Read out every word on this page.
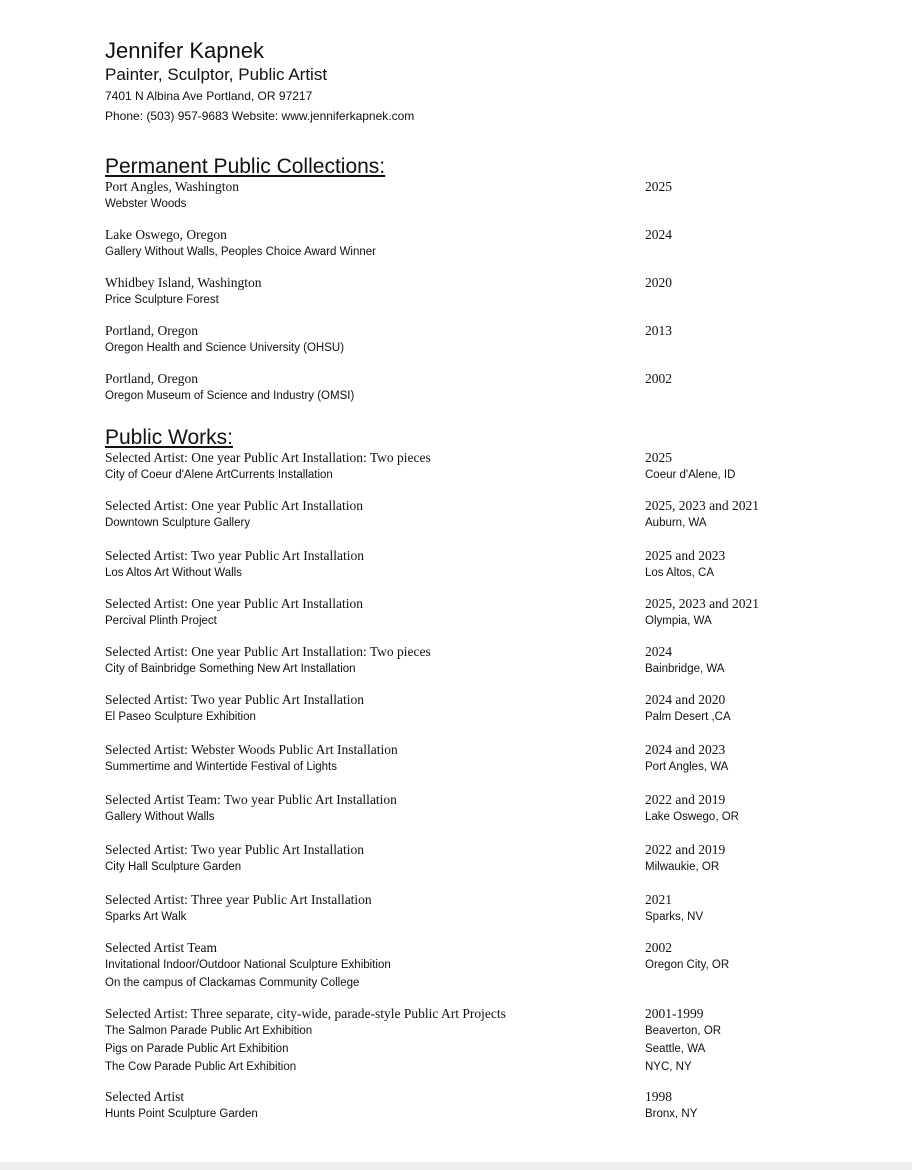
Jennifer Kapnek
Painter, Sculptor, Public Artist
7401 N Albina Ave Portland, OR 97217
Phone: (503) 957-9683 Website: www.jenniferkapnek.com
Permanent Public Collections:
Port Angles, Washington
Webster Woods
2025
Lake Oswego, Oregon
Gallery Without Walls, Peoples Choice Award Winner
2024
Whidbey Island, Washington
Price Sculpture Forest
2020
Portland, Oregon
Oregon Health and Science University (OHSU)
2013
Portland, Oregon
Oregon Museum of Science and Industry (OMSI)
2002
Public Works:
Selected Artist: One year Public Art Installation: Two pieces
City of Coeur d'Alene ArtCurrents Installation
2025
Coeur d'Alene, ID
Selected Artist: One year Public Art Installation
Downtown Sculpture Gallery
2025, 2023 and 2021
Auburn, WA
Selected Artist: Two year Public Art Installation
Los Altos Art Without Walls
2025 and 2023
Los Altos, CA
Selected Artist: One year Public Art Installation
Percival Plinth Project
2025, 2023 and 2021
Olympia, WA
Selected Artist: One year Public Art Installation: Two pieces
City of Bainbridge Something New Art Installation
2024
Bainbridge, WA
Selected Artist: Two year Public Art Installation
El Paseo Sculpture Exhibition
2024 and 2020
Palm Desert ,CA
Selected Artist: Webster Woods Public Art Installation
Summertime and Wintertide Festival of Lights
2024 and 2023
Port Angles, WA
Selected Artist Team: Two year Public Art Installation
Gallery Without Walls
2022 and 2019
Lake Oswego, OR
Selected Artist: Two year Public Art Installation
City Hall Sculpture Garden
2022 and 2019
Milwaukie, OR
Selected Artist: Three year Public Art Installation
Sparks Art Walk
2021
Sparks, NV
Selected Artist Team
Invitational Indoor/Outdoor National Sculpture Exhibition
On the campus of Clackamas Community College
2002
Oregon City, OR

Selected Artist: Three separate, city-wide, parade-style Public Art Projects
The Salmon Parade Public Art Exhibition
Pigs on Parade Public Art Exhibition
The Cow Parade Public Art Exhibition
2001-1999
Beaverton, OR
Seattle, WA
NYC, NY
Selected Artist
Hunts Point Sculpture Garden
1998
Bronx, NY
